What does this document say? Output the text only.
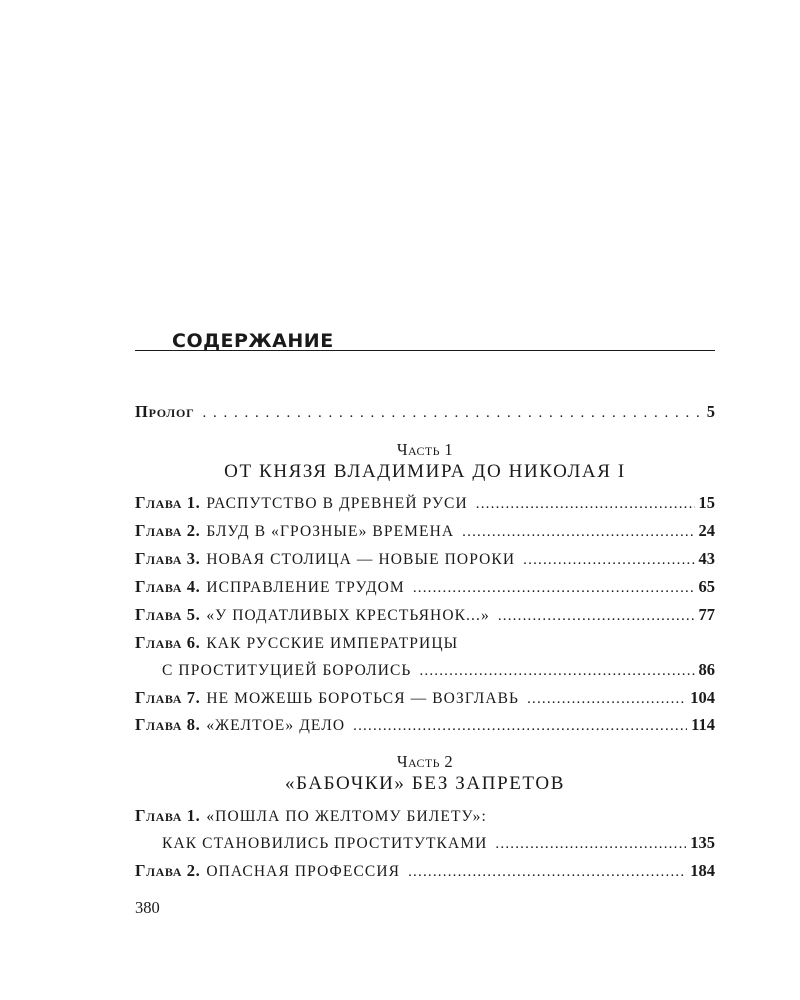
СОДЕРЖАНИЕ
Пролог . . .	5
Часть 1
ОТ КНЯЗЯ ВЛАДИМИРА ДО НИКОЛАЯ I
Глава 1. РАСПУТСТВО В ДРЕВНЕЙ РУСИ .....	15
Глава 2. БЛУД В «ГРОЗНЫЕ» ВРЕМЕНА .....	24
Глава 3. НОВАЯ СТОЛИЦА — НОВЫЕ ПОРОКИ .....	43
Глава 4. ИСПРАВЛЕНИЕ ТРУДОМ .....	65
Глава 5. «У ПОДАТЛИВЫХ КРЕСТЬЯНОК...» .....	77
Глава 6. КАК РУССКИЕ ИМПЕРАТРИЦЫ
С ПРОСТИТУЦИЕЙ БОРОЛИСЬ .....	86
Глава 7. НЕ МОЖЕШЬ БОРОТЬСЯ — ВОЗГЛАВЬ .....	104
Глава 8. «ЖЕЛТОЕ» ДЕЛО .....	114
Часть 2
«БАБОЧКИ» БЕЗ ЗАПРЕТОВ
Глава 1. «ПОШЛА ПО ЖЕЛТОМУ БИЛЕТУ»:
КАК СТАНОВИЛИСЬ ПРОСТИТУТКАМИ .....	135
Глава 2. ОПАСНАЯ ПРОФЕССИЯ .....	184
380
